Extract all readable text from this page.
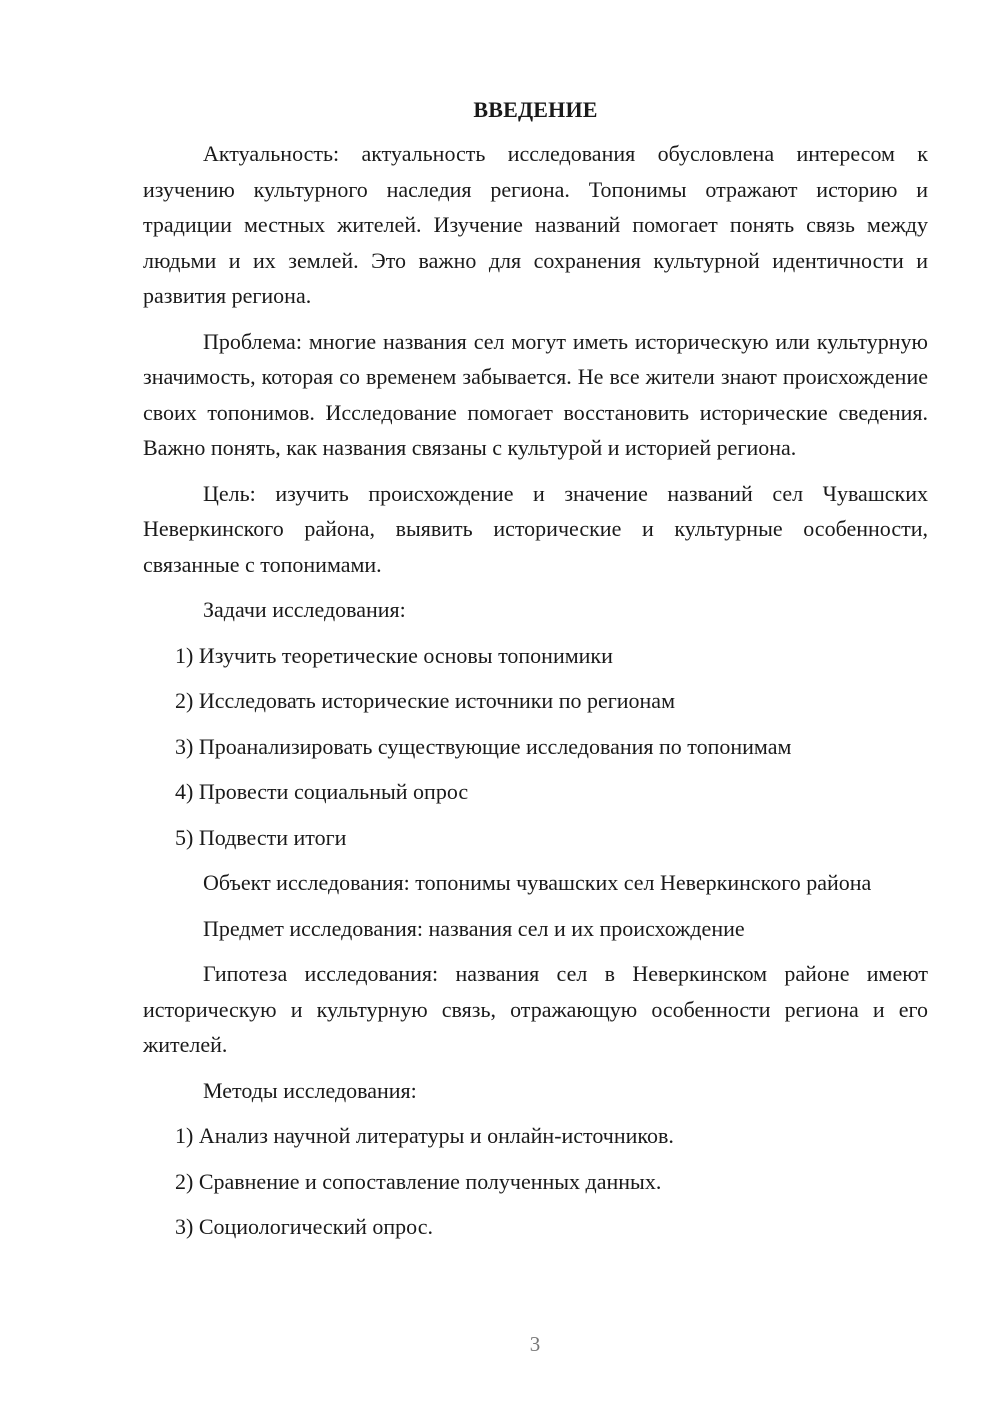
ВВЕДЕНИЕ

Актуальность: актуальность исследования обусловлена интересом к изучению культурного наследия региона. Топонимы отражают историю и традиции местных жителей. Изучение названий помогает понять связь между людьми и их землей. Это важно для сохранения культурной идентичности и развития региона.

Проблема: многие названия сел могут иметь историческую или культурную значимость, которая со временем забывается. Не все жители знают происхождение своих топонимов. Исследование помогает восстановить исторические сведения. Важно понять, как названия связаны с культурой и историей региона.

Цель: изучить происхождение и значение названий сел Чувашских Неверкинского района, выявить исторические и культурные особенности, связанные с топонимами.

Задачи исследования:

1) Изучить теоретические основы топонимики
2) Исследовать исторические источники по регионам
3) Проанализировать существующие исследования по топонимам
4) Провести социальный опрос
5) Подвести итоги

Объект исследования: топонимы чувашских сел Неверкинского района

Предмет исследования: названия сел и их происхождение

Гипотеза исследования: названия сел в Неверкинском районе имеют историческую и культурную связь, отражающую особенности региона и его жителей.

Методы исследования:

1) Анализ научной литературы и онлайн-источников.
2) Сравнение и сопоставление полученных данных.
3) Социологический опрос.
3
